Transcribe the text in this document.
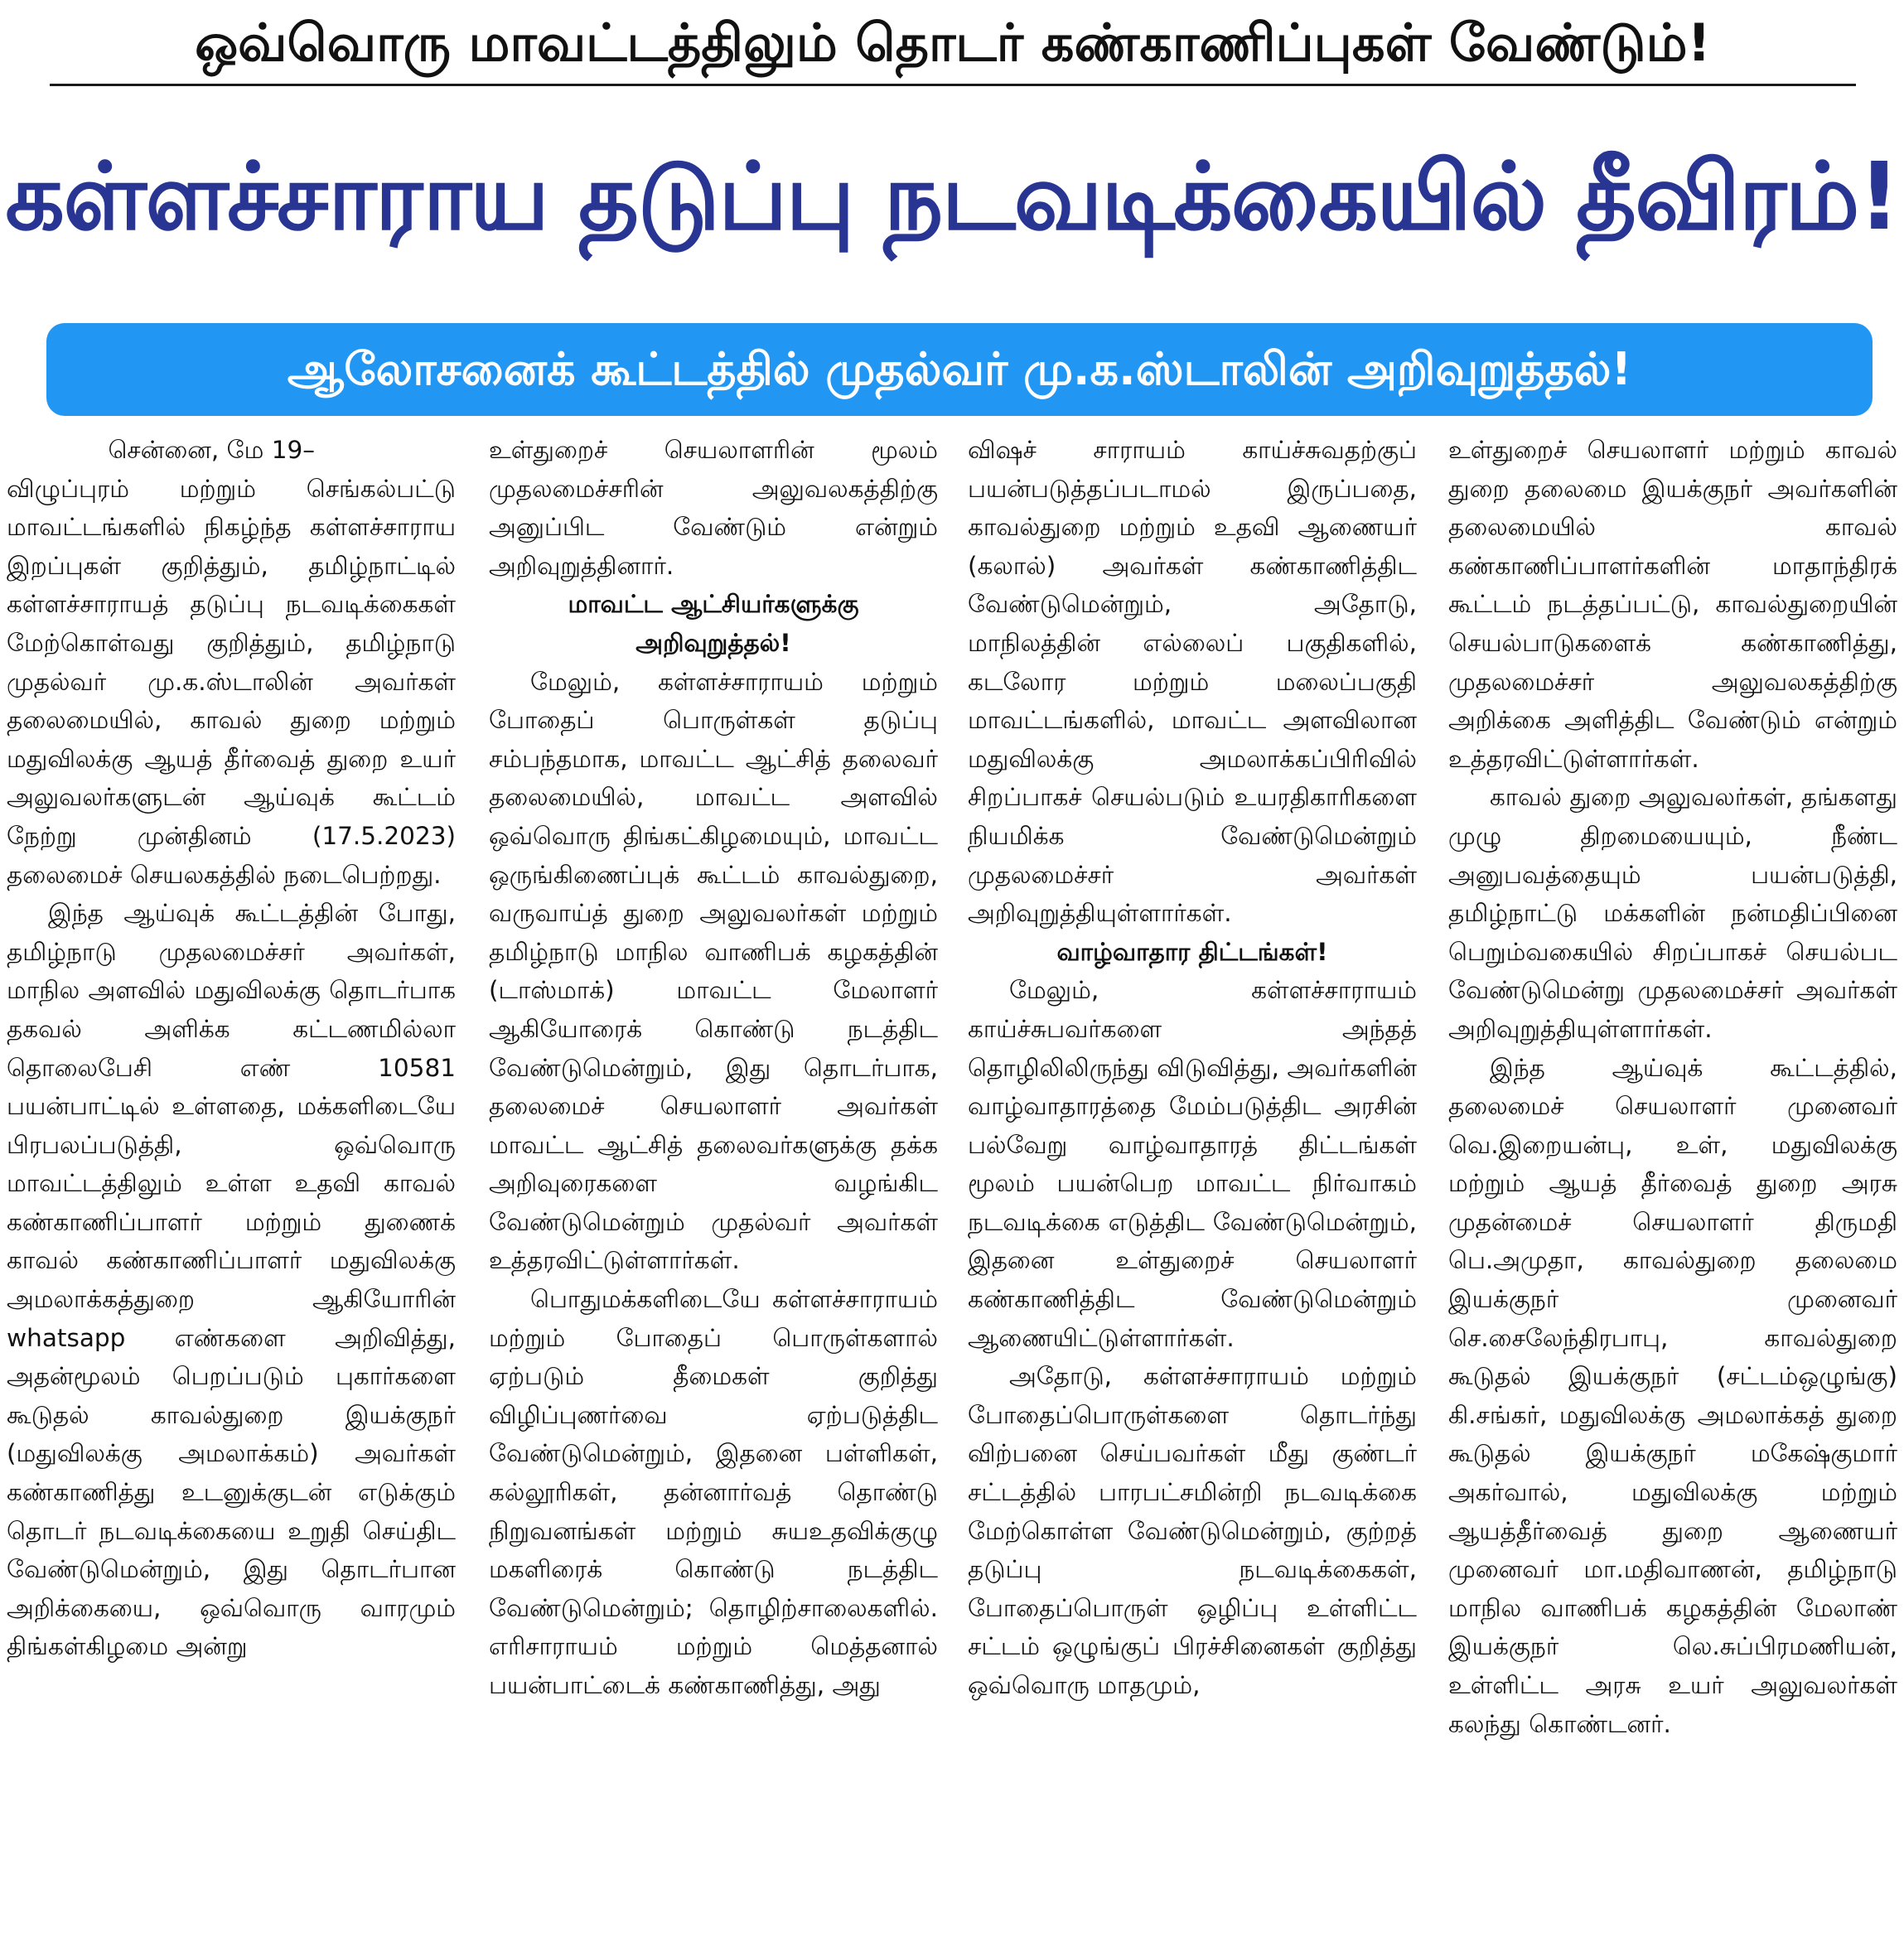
ஒவ்வொரு மாவட்டத்திலும் தொடர் கண்காணிப்புகள் வேண்டும்!
கள்ளச்சாராய தடுப்பு நடவடிக்கையில் தீவிரம்!
ஆலோசனைக் கூட்டத்தில் முதல்வர் மு.க.ஸ்டாலின் அறிவுறுத்தல்!

சென்னை, மே 19–

விழுப்புரம் மற்றும் செங்கல்பட்டு மாவட்டங்களில் நிகழ்ந்த கள்ளச்சாராய இறப்புகள் குறித்தும், தமிழ்நாட்டில் கள்ளச்சாராயத் தடுப்பு நடவடிக்கைகள் மேற்கொள்வது குறித்தும், தமிழ்நாடு முதல்வர் மு.க.ஸ்டாலின் அவர்கள் தலைமையில், காவல் துறை மற்றும் மதுவிலக்கு ஆயத் தீர்வைத் துறை உயர் அலுவலர்களுடன் ஆய்வுக் கூட்டம் நேற்று முன்தினம் (17.5.2023) தலைமைச் செயலகத்தில் நடைபெற்றது.

இந்த ஆய்வுக் கூட்டத்தின் போது, தமிழ்நாடு முதலமைச்சர் அவர்கள், மாநில அளவில் மதுவிலக்கு தொடர்பாக தகவல் அளிக்க கட்டணமில்லா தொலைபேசி எண் 10581 பயன்பாட்டில் உள்ளதை, மக்களிடையே பிரபலப்படுத்தி, ஒவ்வொரு மாவட்டத்திலும் உள்ள உதவி காவல் கண்காணிப்பாளர் மற்றும் துணைக் காவல் கண்காணிப்பாளர் மதுவிலக்கு அமலாக்கத்துறை ஆகியோரின் whatsapp எண்களை அறிவித்து, அதன்மூலம் பெறப்படும் புகார்களை கூடுதல் காவல்துறை இயக்குநர் (மதுவிலக்கு அமலாக்கம்) அவர்கள் கண்காணித்து உடனுக்குடன் எடுக்கும் தொடர் நடவடிக்கையை உறுதி செய்திட வேண்டுமென்றும், இது தொடர்பான அறிக்கையை, ஒவ்வொரு வாரமும் திங்கள்கிழமை அன்று

உள்துறைச் செயலாளரின் மூலம் முதலமைச்சரின் அலுவலகத்திற்கு அனுப்பிட வேண்டும் என்றும் அறிவுறுத்தினார்.

மாவட்ட ஆட்சியர்களுக்கு அறிவுறுத்தல்!

மேலும், கள்ளச்சாராயம் மற்றும் போதைப் பொருள்கள் தடுப்பு சம்பந்தமாக, மாவட்ட ஆட்சித் தலைவர் தலைமையில், மாவட்ட அளவில் ஒவ்வொரு திங்கட்கிழமையும், மாவட்ட ஒருங்கிணைப்புக் கூட்டம் காவல்துறை, வருவாய்த் துறை அலுவலர்கள் மற்றும் தமிழ்நாடு மாநில வாணிபக் கழகத்தின் (டாஸ்மாக்) மாவட்ட மேலாளர் ஆகியோரைக் கொண்டு நடத்திட வேண்டுமென்றும், இது தொடர்பாக, தலைமைச் செயலாளர் அவர்கள் மாவட்ட ஆட்சித் தலைவர்களுக்கு தக்க அறிவுரைகளை வழங்கிட வேண்டுமென்றும் முதல்வர் அவர்கள் உத்தரவிட்டுள்ளார்கள்.

பொதுமக்களிடையே கள்ளச்சாராயம் மற்றும் போதைப் பொருள்களால் ஏற்படும் தீமைகள் குறித்து விழிப்புணர்வை ஏற்படுத்திட வேண்டுமென்றும், இதனை பள்ளிகள், கல்லூரிகள், தன்னார்வத் தொண்டு நிறுவனங்கள் மற்றும் சுயஉதவிக்குழு மகளிரைக் கொண்டு நடத்திட வேண்டுமென்றும்; தொழிற்சாலைகளில். எரிசாராயம் மற்றும் மெத்தனால் பயன்பாட்டைக் கண்காணித்து, அது

விஷச் சாராயம் காய்ச்சுவதற்குப் பயன்படுத்தப்படாமல் இருப்பதை, காவல்துறை மற்றும் உதவி ஆணையர் (கலால்) அவர்கள் கண்காணித்திட வேண்டுமென்றும், அதோடு, மாநிலத்தின் எல்லைப் பகுதிகளில், கடலோர மற்றும் மலைப்பகுதி மாவட்டங்களில், மாவட்ட அளவிலான மதுவிலக்கு அமலாக்கப்பிரிவில் சிறப்பாகச் செயல்படும் உயரதிகாரிகளை நியமிக்க வேண்டுமென்றும் முதலமைச்சர் அவர்கள் அறிவுறுத்தியுள்ளார்கள்.

வாழ்வாதார திட்டங்கள்!

மேலும், கள்ளச்சாராயம் காய்ச்சுபவர்களை அந்தத் தொழிலிலிருந்து விடுவித்து, அவர்களின் வாழ்வாதாரத்தை மேம்படுத்திட அரசின் பல்வேறு வாழ்வாதாரத் திட்டங்கள் மூலம் பயன்பெற மாவட்ட நிர்வாகம் நடவடிக்கை எடுத்திட வேண்டுமென்றும், இதனை உள்துறைச் செயலாளர் கண்காணித்திட வேண்டுமென்றும் ஆணையிட்டுள்ளார்கள்.

அதோடு, கள்ளச்சாராயம் மற்றும் போதைப்பொருள்களை தொடர்ந்து விற்பனை செய்பவர்கள் மீது குண்டர் சட்டத்தில் பாரபட்சமின்றி நடவடிக்கை மேற்கொள்ள வேண்டுமென்றும், குற்றத் தடுப்பு நடவடிக்கைகள், போதைப்பொருள் ஒழிப்பு உள்ளிட்ட சட்டம் ஒழுங்குப் பிரச்சினைகள் குறித்து ஒவ்வொரு மாதமும்,

உள்துறைச் செயலாளர் மற்றும் காவல் துறை தலைமை இயக்குநர் அவர்களின் தலைமையில் காவல் கண்காணிப்பாளர்களின் மாதாந்திரக் கூட்டம் நடத்தப்பட்டு, காவல்துறையின் செயல்பாடுகளைக் கண்காணித்து, முதலமைச்சர் அலுவலகத்திற்கு அறிக்கை அளித்திட வேண்டும் என்றும் உத்தரவிட்டுள்ளார்கள்.

காவல் துறை அலுவலர்கள், தங்களது முழு திறமையையும், நீண்ட அனுபவத்தையும் பயன்படுத்தி, தமிழ்நாட்டு மக்களின் நன்மதிப்பினை பெறும்வகையில் சிறப்பாகச் செயல்பட வேண்டுமென்று முதலமைச்சர் அவர்கள் அறிவுறுத்தியுள்ளார்கள்.

இந்த ஆய்வுக் கூட்டத்தில், தலைமைச் செயலாளர் முனைவர் வெ.இறையன்பு, உள், மதுவிலக்கு மற்றும் ஆயத் தீர்வைத் துறை அரசு முதன்மைச் செயலாளர் திருமதி பெ.அமுதா, காவல்துறை தலைமை இயக்குநர் முனைவர் செ.சைலேந்திரபாபு, காவல்துறை கூடுதல் இயக்குநர் (சட்டம்ஒழுங்கு) கி.சங்கர், மதுவிலக்கு அமலாக்கத் துறை கூடுதல் இயக்குநர் மகேஷ்குமார் அகர்வால், மதுவிலக்கு மற்றும் ஆயத்தீர்வைத் துறை ஆணையர் முனைவர் மா.மதிவாணன், தமிழ்நாடு மாநில வாணிபக் கழகத்தின் மேலாண் இயக்குநர் லெ.சுப்பிரமணியன், உள்ளிட்ட அரசு உயர் அலுவலர்கள் கலந்து கொண்டனர்.
